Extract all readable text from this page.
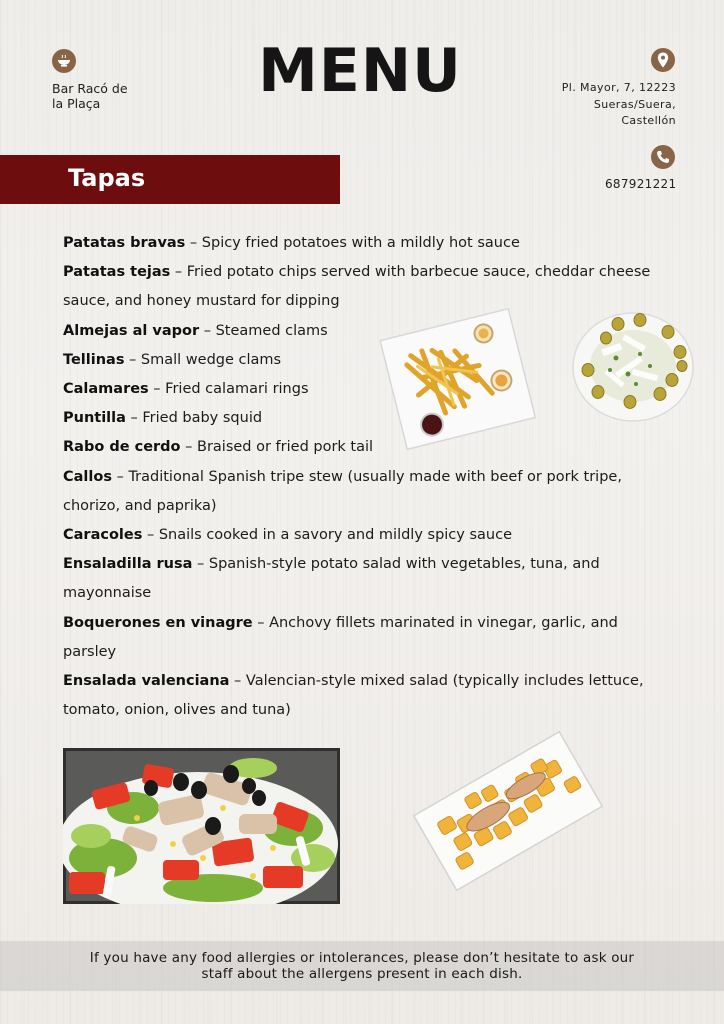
Bar Racó de
la Plaça	MENU	Pl. Mayor, 7, 12223
Sueras/Suera,
Castellón
687921221
Tapas
Patatas bravas – Spicy fried potatoes with a mildly hot sauce
Patatas tejas – Fried potato chips served with barbecue sauce, cheddar cheese sauce, and honey mustard for dipping
Almejas al vapor – Steamed clams
Tellinas – Small wedge clams
Calamares – Fried calamari rings
Puntilla – Fried baby squid
Rabo de cerdo – Braised or fried pork tail
Callos – Traditional Spanish tripe stew (usually made with beef or pork tripe, chorizo, and paprika)
Caracoles – Snails cooked in a savory and mildly spicy sauce
Ensaladilla rusa – Spanish-style potato salad with vegetables, tuna, and mayonnaise
Boquerones en vinagre – Anchovy fillets marinated in vinegar, garlic, and parsley
Ensalada valenciana – Valencian-style mixed salad (typically includes lettuce, tomato, onion, olives and tuna)
If you have any food allergies or intolerances, please don’t hesitate to ask our
staff about the allergens present in each dish.
